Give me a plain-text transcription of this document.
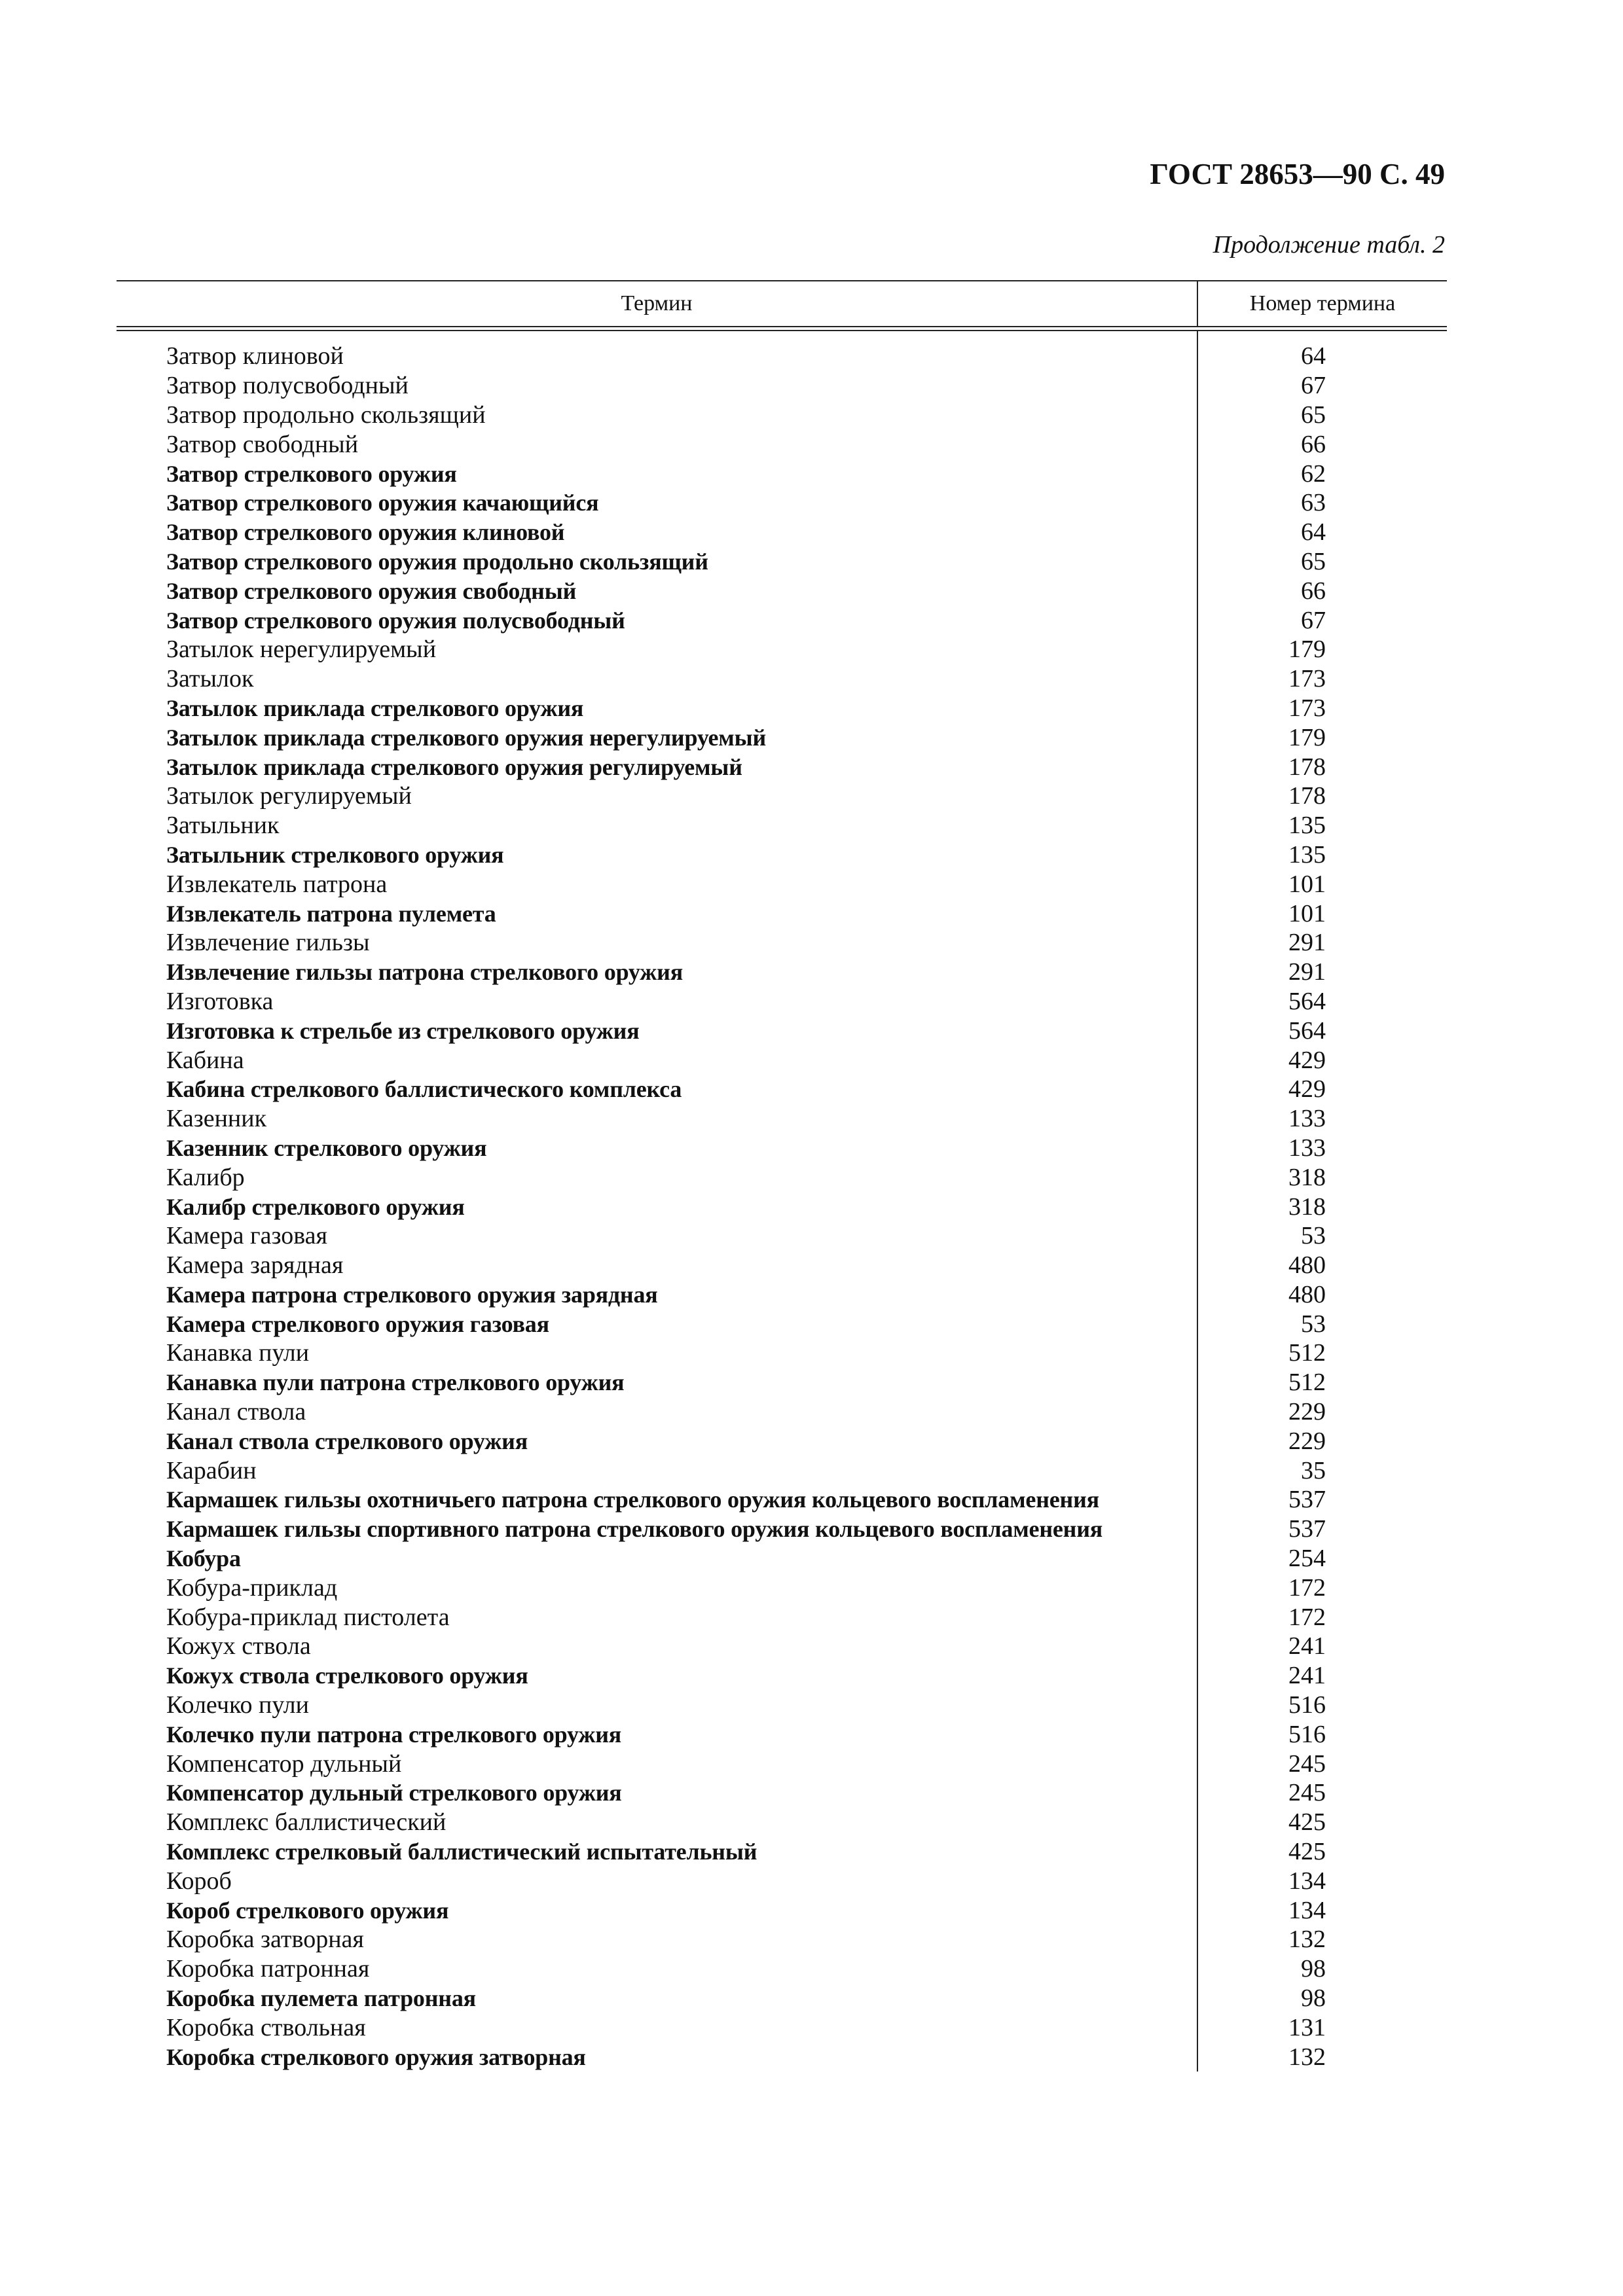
ГОСТ 28653—90 С. 49
Продолжение табл. 2
Термин	Номер термина
Затвор клиновой	64
Затвор полусвободный	67
Затвор продольно скользящий	65
Затвор свободный	66
Затвор стрелкового оружия	62
Затвор стрелкового оружия качающийся	63
Затвор стрелкового оружия клиновой	64
Затвор стрелкового оружия продольно скользящий	65
Затвор стрелкового оружия свободный	66
Затвор стрелкового оружия полусвободный	67
Затылок нерегулируемый	179
Затылок	173
Затылок приклада стрелкового оружия	173
Затылок приклада стрелкового оружия нерегулируемый	179
Затылок приклада стрелкового оружия регулируемый	178
Затылок регулируемый	178
Затыльник	135
Затыльник стрелкового оружия	135
Извлекатель патрона	101
Извлекатель патрона пулемета	101
Извлечение гильзы	291
Извлечение гильзы патрона стрелкового оружия	291
Изготовка	564
Изготовка к стрельбе из стрелкового оружия	564
Кабина	429
Кабина стрелкового баллистического комплекса	429
Казенник	133
Казенник стрелкового оружия	133
Калибр	318
Калибр стрелкового оружия	318
Камера газовая	53
Камера зарядная	480
Камера патрона стрелкового оружия зарядная	480
Камера стрелкового оружия газовая	53
Канавка пули	512
Канавка пули патрона стрелкового оружия	512
Канал ствола	229
Канал ствола стрелкового оружия	229
Карабин	35
Кармашек гильзы охотничьего патрона стрелкового оружия кольцевого воспламенения	537
Кармашек гильзы спортивного патрона стрелкового оружия кольцевого воспламенения	537
Кобура	254
Кобура-приклад	172
Кобура-приклад пистолета	172
Кожух ствола	241
Кожух ствола стрелкового оружия	241
Колечко пули	516
Колечко пули патрона стрелкового оружия	516
Компенсатор дульный	245
Компенсатор дульный стрелкового оружия	245
Комплекс баллистический	425
Комплекс стрелковый баллистический испытательный	425
Короб	134
Короб стрелкового оружия	134
Коробка затворная	132
Коробка патронная	98
Коробка пулемета патронная	98
Коробка ствольная	131
Коробка стрелкового оружия затворная	132
